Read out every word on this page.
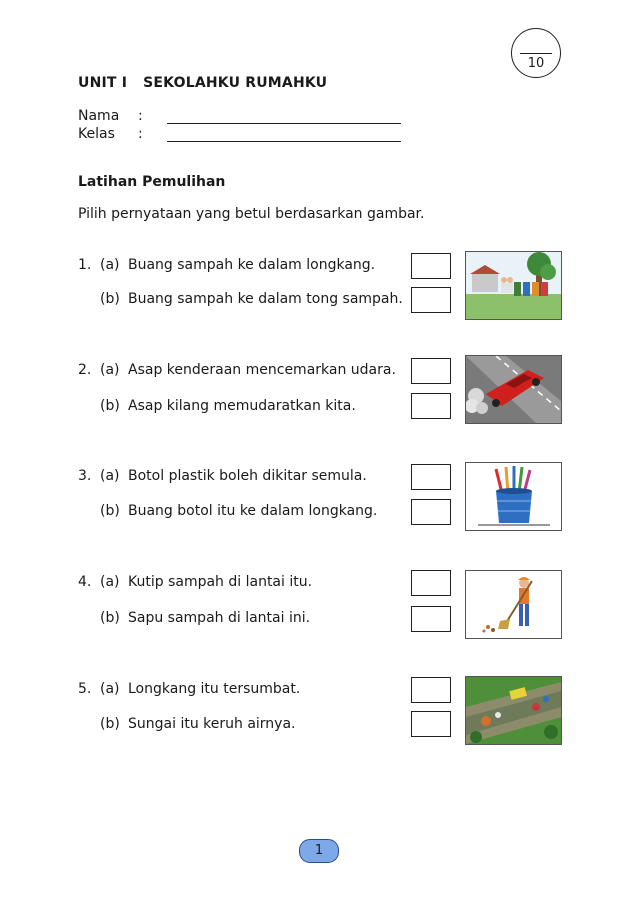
10
UNIT I SEKOLAHKU RUMAHKU
Nama :
Kelas :
Latihan Pemulihan
Pilih pernyataan yang betul berdasarkan gambar.
1. (a) Buang sampah ke dalam longkang.
(b) Buang sampah ke dalam tong sampah.
2. (a) Asap kenderaan mencemarkan udara.
(b) Asap kilang memudaratkan kita.
3. (a) Botol plastik boleh dikitar semula.
(b) Buang botol itu ke dalam longkang.
4. (a) Kutip sampah di lantai itu.
(b) Sapu sampah di lantai ini.
5. (a) Longkang itu tersumbat.
(b) Sungai itu keruh airnya.
1
